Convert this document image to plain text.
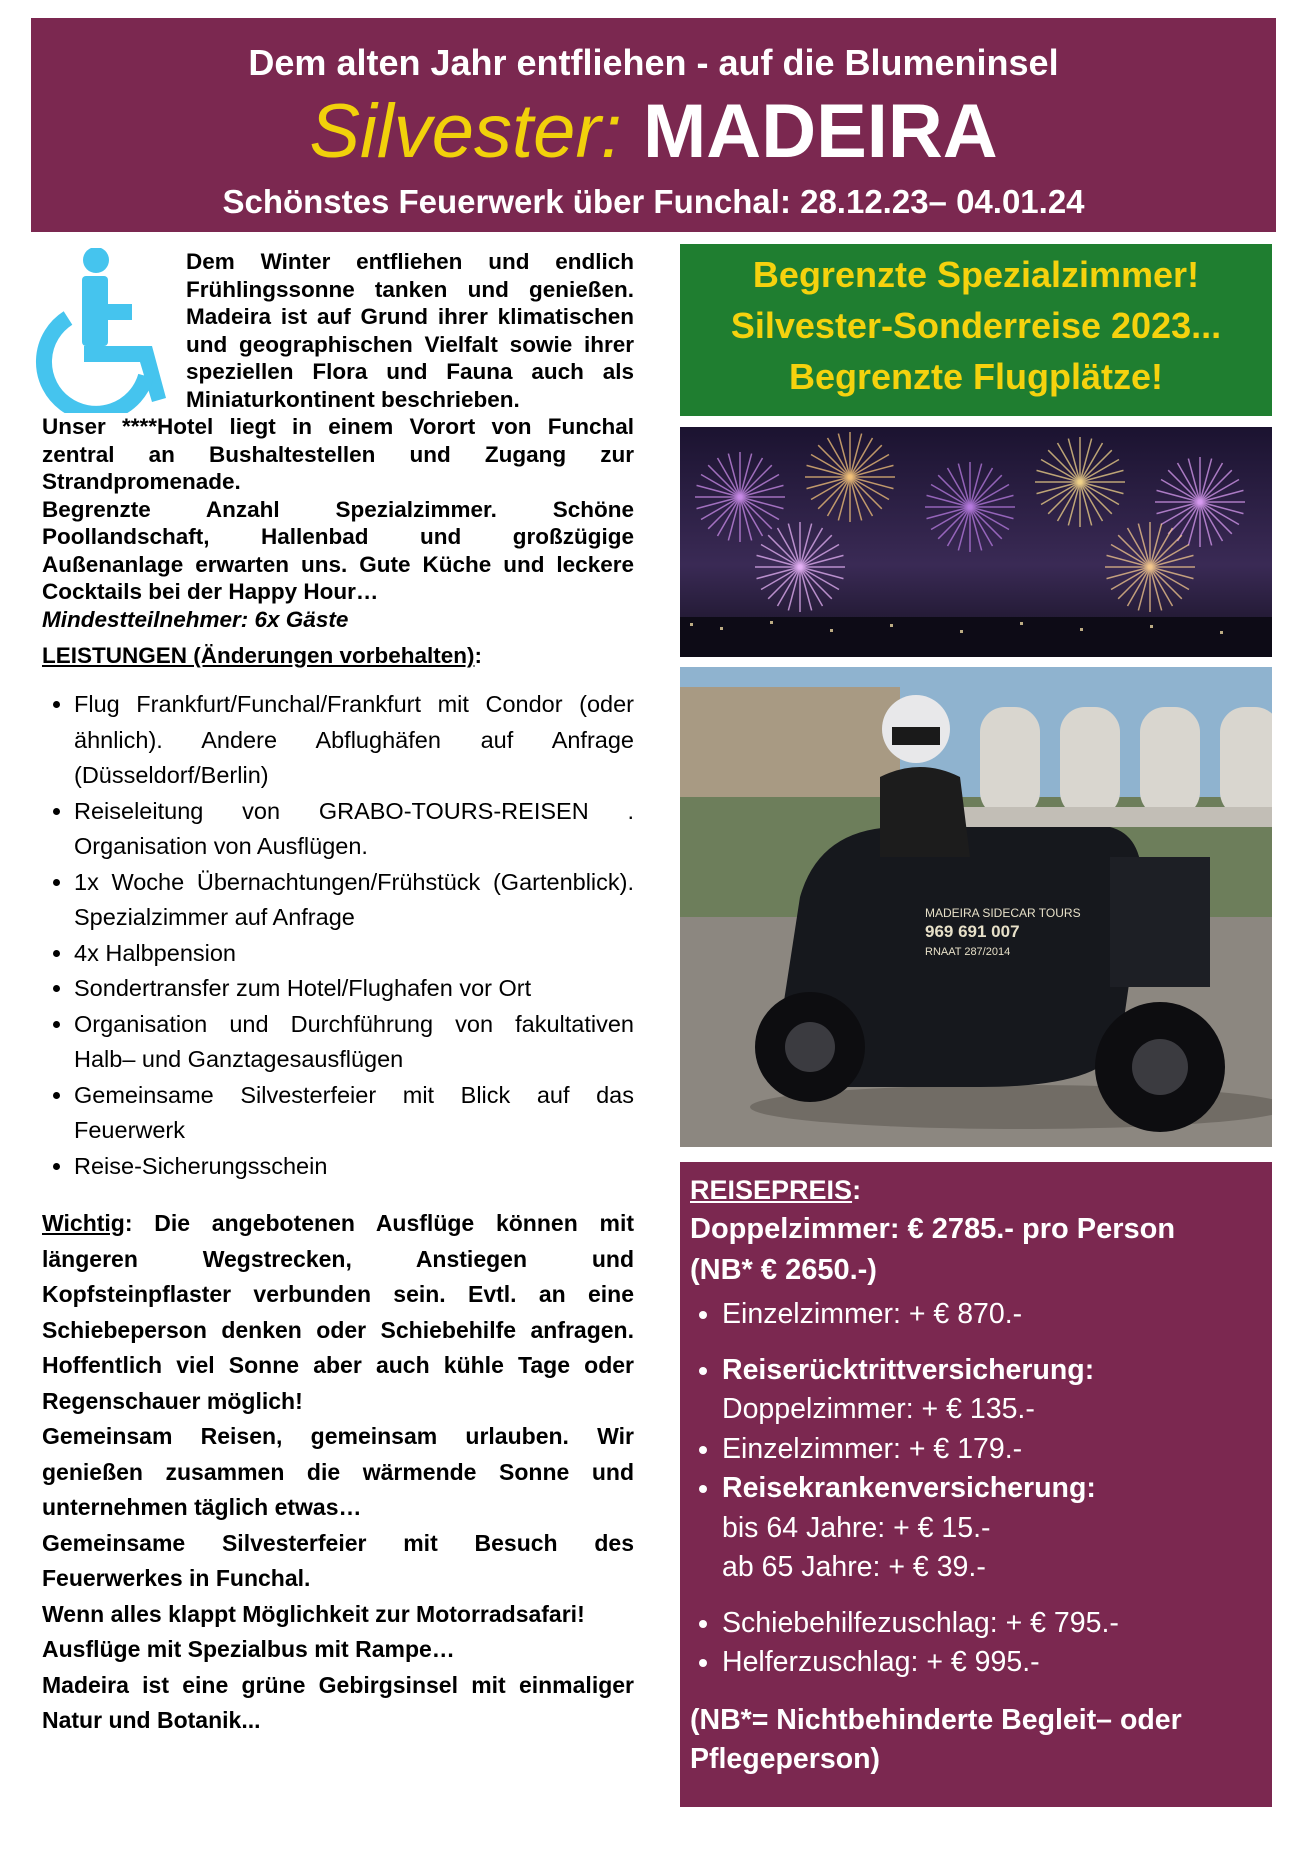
Dem alten Jahr entfliehen - auf die Blumeninsel
Silvester: MADEIRA
Schönstes Feuerwerk über Funchal: 28.12.23– 04.01.24

Dem Winter entfliehen und endlich Frühlingssonne tanken und genießen. Madeira ist auf Grund ihrer klimatischen und geographischen Vielfalt sowie ihrer speziellen Flora und Fauna auch als Miniaturkontinent beschrieben.

Unser ****Hotel liegt in einem Vorort von Funchal zentral an Bushaltestellen und Zugang zur Strandpromenade.

Begrenzte Anzahl Spezialzimmer. Schöne Poollandschaft, Hallenbad und großzügige Außenanlage erwarten uns. Gute Küche und leckere Cocktails bei der Happy Hour…

Mindestteilnehmer: 6x Gäste

LEISTUNGEN (Änderungen vorbehalten):
• Flug Frankfurt/Funchal/Frankfurt mit Condor (oder ähnlich). Andere Abflughäfen auf Anfrage (Düsseldorf/Berlin)
• Reiseleitung von GRABO-TOURS-REISEN . Organisation von Ausflügen.
• 1x Woche Übernachtungen/Frühstück (Gartenblick). Spezialzimmer auf Anfrage
• 4x Halbpension
• Sondertransfer zum Hotel/Flughafen vor Ort
• Organisation und Durchführung von fakultativen Halb– und Ganztagesausflügen
• Gemeinsame Silvesterfeier mit Blick auf das Feuerwerk
• Reise-Sicherungsschein

Wichtig: Die angebotenen Ausflüge können mit längeren Wegstrecken, Anstiegen und Kopfsteinpflaster verbunden sein. Evtl. an eine Schiebeperson denken oder Schiebehilfe anfragen. Hoffentlich viel Sonne aber auch kühle Tage oder Regenschauer möglich!

Gemeinsam Reisen, gemeinsam urlauben. Wir genießen zusammen die wärmende Sonne und unternehmen täglich etwas…

Gemeinsame Silvesterfeier mit Besuch des Feuerwerkes in Funchal.

Wenn alles klappt Möglichkeit zur Motorradsafari!

Ausflüge mit Spezialbus mit Rampe…

Madeira ist eine grüne Gebirgsinsel mit einmaliger Natur und Botanik...

Begrenzte Spezialzimmer!
Silvester-Sonderreise 2023...
Begrenzte Flugplätze!
MADEIRA SIDECAR TOURS
969 691 007
RNAAT 287/2014
REISEPREIS:
Doppelzimmer: € 2785.- pro Person
(NB* € 2650.-)
• Einzelzimmer: + € 870.-
• Reiserücktrittversicherung:
Doppelzimmer: + € 135.-
• Einzelzimmer: + € 179.-
• Reisekrankenversicherung:
bis 64 Jahre: + € 15.-
ab 65 Jahre: + € 39.-
• Schiebehilfezuschlag: + € 795.-
• Helferzuschlag: + € 995.-
(NB*= Nichtbehinderte Begleit– oder Pflegeperson)
